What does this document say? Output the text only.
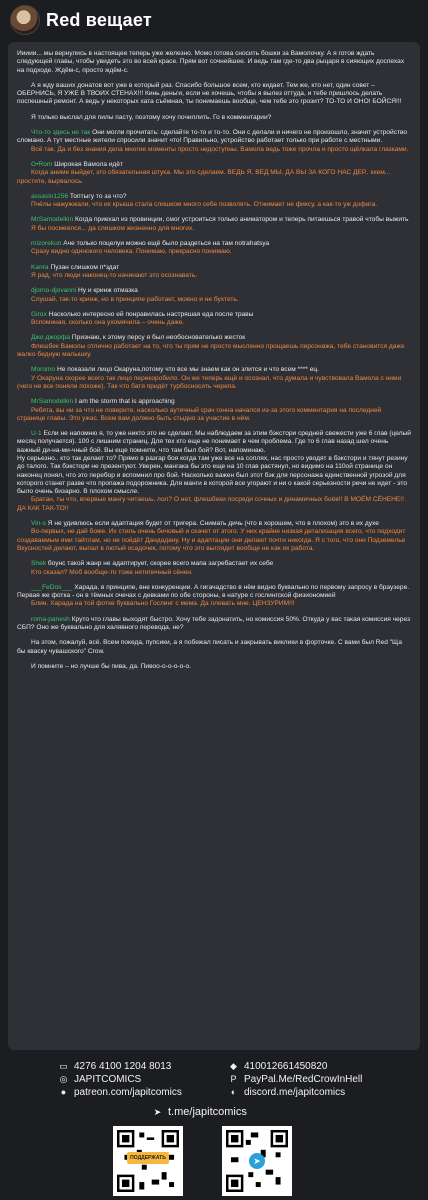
Red вещает
Иииии... мы вернулись в настоящее теперь уже железно. Момо готова сносить бошки за Вамолочку. А я готов ждать следующей главы, чтобы увидеть это во всей красе. Прям вот сочнейшее. И ведь там где-то два рыцаря в сияющих доспехах на подходе. Ждём-с, просто ждём-с.
А я жду ваших донатов вот уже в который раз. Спасибо большое всем, кто кидает. Тем же, кто нет, один совет – ОБЕРНИСЬ, Я УЖЕ В ТВОИХ СТЕНАХ!!! Кинь деньги, если не хочешь, чтобы я вылез оттуда, и тебе пришлось делать поспешный ремонт. А ведь у некоторых хата съёмная, ты понимаешь вообще, чем тебе это грозит? ТО-ТО И ОНО! БОЙСЯ!!!
Я только выслал для пилы пасту, поэтому хочу почиллить. Го в комментарии?
Что-то здесь не так Они могли прочитать: сделайте то-то и то-то. Они с делали и ничего не произошло, значит устройство сломано. А тут местные жители спросили значит что! Правильно, устройство работает только при работе с местными.
Всё так. Да и без знания дела многие моменты просто недоступны. Вамола ведь тоже прочла и просто щёлкала глазками.
G•Rom Широкая Вамола идёт
Когда аниме выйдет, это обязательная штука. Мы это сделаем. ВЕДЬ Я, ВЕД МЫ, ДА ВЫ ЗА КОГО НАС ДЕР.. кхем... простите, вырвалось.
assasin1256 Топтыгу то за что?
Пчёлы нажужжали, что их крыша стала слишком много себе позволять. Отжимает не фиксу, а как-то уж дофига.
MrSamodelkin Когда приехал из провинции, смог устроиться только аниматором и теперь питаешься травой чтобы выжить
Я бы посмеялся... да слишком жизненно для многих.
mizorekun Аче только поцелуи можно ещё было раздеться на там notrahatsya
Сразу видно одинокого человека. Понимаю, прекрасно понимаю.
Kanra Пузан слишком п*здат
Я рад, что люди наконец-то начинают это осознавать.
djorno-djovanni Ну и кринж отмазка
Слушай, так-то кринж, но в принципе работает, можно и не бухтеть.
Girox Насколько интересно ей понравилась настряшая еда после травы
Вспоминая, сколько она ухомячила – очень даже.
Джо джорфа Признаю, к этому персу я был необоснователько жесток
Флешбек Вамолы отлично работает на то, что ты прям не просто мысленно прощаешь персонажа, тебе становится даже жалко бедную малышку.
Moromo Не показали лицо Окаруна,потому что все мы знаем как он злится и что всем **** ец.
У Окаруна скорее всего так лицо перекоробило. Он же теперь ещё и осознал, что думала и чувствовала Вамола с ними (чего не все поняли похоже). Так что батя придёт турбосносить черепа.
MrSamodelkin I am the storm that is approaching
Ребята, вы ни за что не поверите, насколько аутичный срач гонна начался из-за этого комментария на последней странице главы. Это ужас. Всем вам должно быть стыдно за участие в нём.
U-1 Если не напомню я, то уже никто это не сделает. Мы наблюдаем за этим бэкстори средней свежести уже 6 глав (целый месяц получается). 100 с лишним страниц. Для тех кто еще не понимает в чем проблема. Где то 6 глав назад шел очень важный ди-на-ми-чный бой. Вы еще помните, что там был бой? Вот, напоминаю.
Ну серьезно.. кто так делает то? Прямо в разгар боя когда там уже все на соплях, нас просто уводят в бэкстори и тянут резину до талого. Так бэкстори не презентуют. Уверен, мангака бы это еще на 10 глав растянул, но видимо на 110ой странице он наконец понял, что это перебор и вспомнил про бой. Насколько важен был этот бэк для персонажа единственной угрозой для которого станет разве что пропажа подорожника. Для манги в которой все угорают и ни о какой серьезности речи не идет - это было очень бизарно. В плохом смысле.
Братан, ты что, впервые мангу читаешь, лол? О нет, флешбеки посреди сочных и динамичных боёв!! В МОЁМ СЁНЕНЕ!! ДА КАК ТАК-ТО!!
Vin-s Я не удивлюсь если адаптация будет от тригера. Снимать дичь (что в хорошем, что в плохом) это в их духе
Во-первых, не дай боже. Их стиль очень бичовый и скачет от этого. У них крайне низкая детализация всего, что подходит создаваемым ими тайтлам, но не пойдёт Дандадану. Ну и адаптации они делают почти никогда. Я с того, что они Подземелье Вкусностей делают, выпал в лютый осадочек, потому что это выглядит вообще не как их работа.
Shek боунс такой жанр не адаптирует, скорее всего мапа загребастает их себе
Кто сказал? Моб вообще-то тоже нетипичный сёнен.
___FeDos___ Харада, в принципе, вне конкуренции. А гигачадство в нём видно буквально по первому запросу в браузере. Первая же фотка - он в тёмных очечах с девками по обе стороны, в натуре с гослингской физиономией
Блин. Харада на той фотке буквально Гослинг с мемa. Да плевать мне. ЦЕНЗУРИМ!!!
roma-panesh Круто что главы выходят быстро. Хочу тебе задонатить, но комиссия 50%. Откуда у вас такая комиссия через СБП? Оно же буквально для халявного перевода, не?
На этом, пожалуй, всё. Всем покеда, пупсики, а я побежал писать и закрывать виклики в форточке. С вами был Red "Ща бы кваску чувашского" Crow.
И помните – но лучше бы пива, да. Пивоо-о-о-о-о-о.
▭ 4276 4100 1204 8013	◆ 410012661450820
◎ JAPITCOMICS	P PayPal.Me/RedCrowInHell
● patreon.com/japitcomics	◐ discord.me/japitcomics
➤ t.me/japitcomics
ПОДДЕРЖАТЬ	➤
